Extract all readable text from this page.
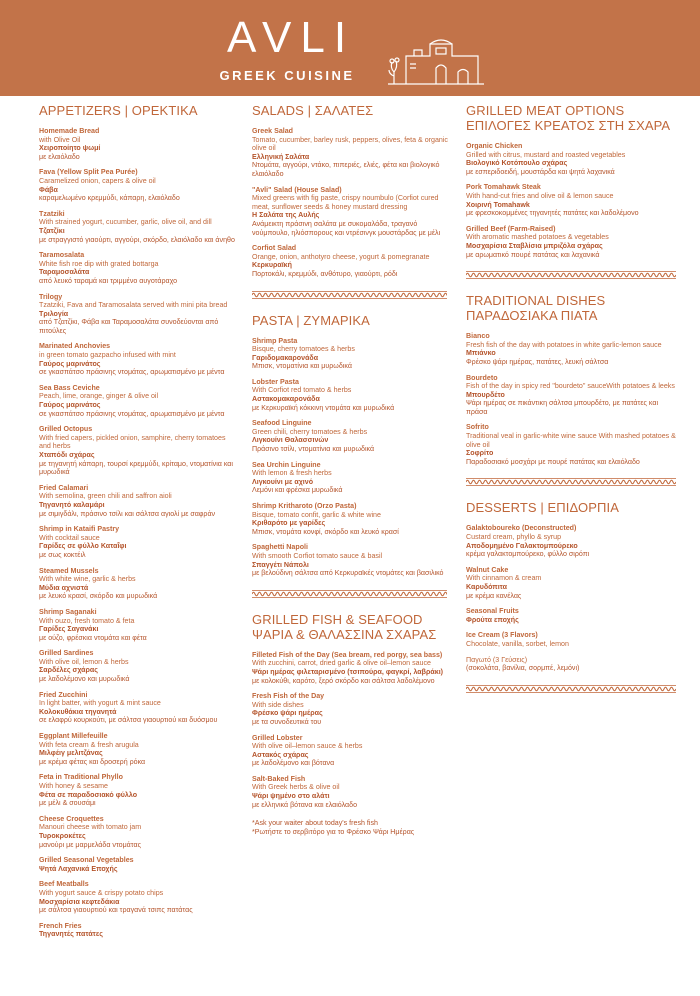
AVLI
GREEK CUISINE
APPETIZERS | ΟΡΕΚΤΙΚΑ
Homemade Bread
with Olive Oil
Χειροποίητο ψωμί
με ελαιόλαδο
Fava (Yellow Split Pea Purée)
Caramelized onion, capers & olive oil
Φάβα
καραμελωμένο κρεμμύδι, κάπαρη, ελαιόλαδο
Tzatziki
With strained yogurt, cucumber, garlic, olive oil, and dill
Τζατζίκι
με στραγγιστό γιαούρτι, αγγούρι, σκόρδο, ελαιόλαδο και άνηθο
Taramosalata
White fish roe dip with grated bottarga
Ταραμοσαλάτα
από λευκό ταραμά και τριμμένο αυγοτάραχο
Trilogy
Tzatziki, Fava and Taramosalata served with mini pita bread
Τριλογία
από Τζατζίκι, Φάβα και Ταραμοσαλάτα συνοδεύονται από πιτούλες
Marinated Anchovies
in green tomato gazpacho infused with mint
Γαύρος μαρινάτος
σε γκασπάτσο πράσινης ντομάτας, αρωματισμένο με μέντα
Sea Bass Ceviche
Peach, lime, orange, ginger & olive oil
Γαύρος μαρινάτος
σε γκασπάτσο πράσινης ντομάτας, αρωματισμένο με μέντα
Grilled Octopus
With fried capers, pickled onion, samphire, cherry tomatoes and herbs
Χταπόδι σχάρας
με τηγανητή κάπαρη, τουρσί κρεμμύδι, κρίταμο, ντοματίνια και μυρωδικά
Fried Calamari
With semolina, green chili and saffron aioli
Τηγανητό καλαμάρι
με σιμιγδάλι, πράσινο τσίλι και σάλτσα αγιολί με σαφράν
Shrimp in Kataifi Pastry
With cocktail sauce
Γαρίδες σε φύλλο Καταΐφι
με σως κοκτέιλ
Steamed Mussels
With white wine, garlic & herbs
Μύδια αχνιστά
με λευκό κρασί, σκόρδο και μυρωδικά
Shrimp Saganaki
With ouzo, fresh tomato & feta
Γαρίδες Σαγανάκι
με ούζο, φρέσκια ντομάτα και φέτα
Grilled Sardines
With olive oil, lemon & herbs
Σαρδέλες σχάρας
με λαδολέμονο και μυρωδικά
Fried Zucchini
In light batter, with yogurt & mint sauce
Κολοκυθάκια τηγανητά
σε ελαφρύ κουρκούτι, με σάλτσα γιαουρτιού και δυόσμου
Eggplant Millefeuille
With feta cream & fresh arugula
Μιλφέιγ μελιτζάνας
με κρέμα φέτας και δροσερή ρόκα
Feta in Traditional Phyllo
With honey & sesame
Φέτα σε παραδοσιακό φύλλο
με μέλι & σουσάμι
Cheese Croquettes
Manouri cheese with tomato jam
Τυροκροκέτες
μανούρι με μαρμελάδα ντομάτας
Grilled Seasonal Vegetables
Ψητά Λαχανικά Εποχής
Beef Meatballs
With yogurt sauce & crispy potato chips
Μοσχαρίσια κεφτεδάκια
με σάλτσα γιαουρτιού και τραγανά τσιπς πατάτας
French Fries
Τηγανητές πατάτες
SALADS | ΣΑΛΑΤΕΣ
Greek Salad
Tomato, cucumber, barley rusk, peppers, olives, feta & organic olive oil
Ελληνική Σαλάτα
Ντομάτα, αγγούρι, ντάκο, πιπεριές, ελιές, φέτα και βιολογικό ελαιόλαδο
"Avli" Salad (House Salad)
Mixed greens with fig paste, crispy noumbulo (Corfiot cured meat, sunflower seeds & honey mustard dressing
Η Σαλάτα της Αυλής
Ανάμεικτη πράσινη σαλάτα με συκομαλάδα, τραγανό νούμπουλο, ηλιόσπορους και ντρέσινγκ μουστάρδας με μέλι
Corfiot Salad
Orange, onion, anthotyro cheese, yogurt & pomegranate
Κερκυραϊκή
Πορτοκάλι, κρεμμύδι, ανθότυρο, γιαούρτι, ρόδι
PASTA | ΖΥΜΑΡΙΚΑ
Shrimp Pasta
Bisque, cherry tomatoes & herbs
Γαριδομακαρονάδα
Μπισκ, ντοματίνια και μυρωδικά
Lobster Pasta
With Corfiot red tomato & herbs
Αστακομακαρονάδα
με Κερκυραϊκή κόκκινη ντομάτα και μυρωδικά
Seafood Linguine
Green chili, cherry tomatoes & herbs
Λιγκουίνι Θαλασσινών
Πράσινο τσίλι, ντοματίνια και μυρωδικά
Sea Urchin Linguine
With lemon & fresh herbs
Λιγκουίνι με αχινό
Λεμόνι και φρέσκα μυρωδικά
Shrimp Kritharoto (Orzo Pasta)
Bisque, tomato confit, garlic & white wine
Κριθαρότο με γαρίδες
Μπισκ, ντομάτα κονφί, σκόρδο και λευκό κρασί
Spaghetti Napoli
With smooth Corfiot tomato sauce & basil
Σπαγγέτι Νάπολι
με βελούδινη σάλτσα από Κερκυραϊκές ντομάτες και βασιλικό
GRILLED FISH & SEAFOOD
ΨΑΡΙΑ & ΘΑΛΑΣΣΙΝΑ ΣΧΑΡΑΣ
Filleted Fish of the Day (Sea bream, red porgy, sea bass)
With zucchini, carrot, dried garlic & olive oil–lemon sauce
Ψάρι ημέρας φιλεταρισμένο (τσιπούρα, φαγκρί, λαβράκι)
με κολοκύθι, καρότο, ξερό σκόρδο και σάλτσα λαδολέμονο
Fresh Fish of the Day
With side dishes
Φρέσκο ψάρι ημέρας
με τα συνοδευτικά του
Grilled Lobster
With olive oil–lemon sauce & herbs
Αστακός σχάρας
με λαδολέμονο και βότανα
Salt-Baked Fish
With Greek herbs & olive oil
Ψάρι ψημένο στο αλάτι
με ελληνικά βότανα και ελαιόλαδο
*Ask your waiter about today's fresh fish
*Ρωτήστε το σερβιτόρο για το Φρέσκο Ψάρι Ημέρας
GRILLED MEAT OPTIONS
ΕΠΙΛΟΓΕΣ ΚΡΕΑΤΟΣ ΣΤΗ ΣΧΑΡΑ
Organic Chicken
Grilled with citrus, mustard and roasted vegetables
Βιολογικό Κοτόπουλο σχάρας
με εσπεριδοειδή, μουστάρδα και ψητά λαχανικά
Pork Tomahawk Steak
With hand-cut fries and olive oil & lemon sauce
Χοιρινή Tomahawk
με φρεσκοκομμένες τηγανητές πατάτες και λαδολέμονο
Grilled Beef (Farm-Raised)
With aromatic mashed potatoes & vegetables
Μοσχαρίσια Σταβλίσια μπριζόλα σχάρας
με αρωματικό πουρέ πατάτας και λαχανικά
TRADITIONAL DISHES
ΠΑΡΑΔΟΣΙΑΚΑ ΠΙΑΤΑ
Bianco
Fresh fish of the day with potatoes in white garlic-lemon sauce
Μπιάνκο
Φρέσκο ψάρι ημέρας, πατάτες, λευκή σάλτσα
Bourdeto
Fish of the day in spicy red "bourdeto" sauceWith potatoes & leeks
Μπουρδέτο
Ψάρι ημέρας σε πικάντικη σάλτσα μπουρδέτο, με πατάτες και πράσα
Sofrito
Traditional veal in garlic-white wine sauce With mashed potatoes & olive oil
Σοφρίτο
Παραδοσιακό μοσχάρι με πουρέ πατάτας και ελαιόλαδο
DESSERTS | ΕΠΙΔΟΡΠΙΑ
Galaktoboureko (Deconstructed)
Custard cream, phyllo & syrup
Αποδομημένο Γαλακτομπούρεκο
κρέμα γαλακτομπούρεκο, φύλλο σιρόπι
Walnut Cake
With cinnamon & cream
Καρυδόπιτα
με κρέμα κανέλας
Seasonal Fruits
Φρούτα εποχής
Ice Cream (3 Flavors)
Chocolate, vanilla, sorbet, lemon
Παγωτό (3 Γεύσεις)
(σοκολάτα, βανίλια, σορμπέ, λεμόνι)
